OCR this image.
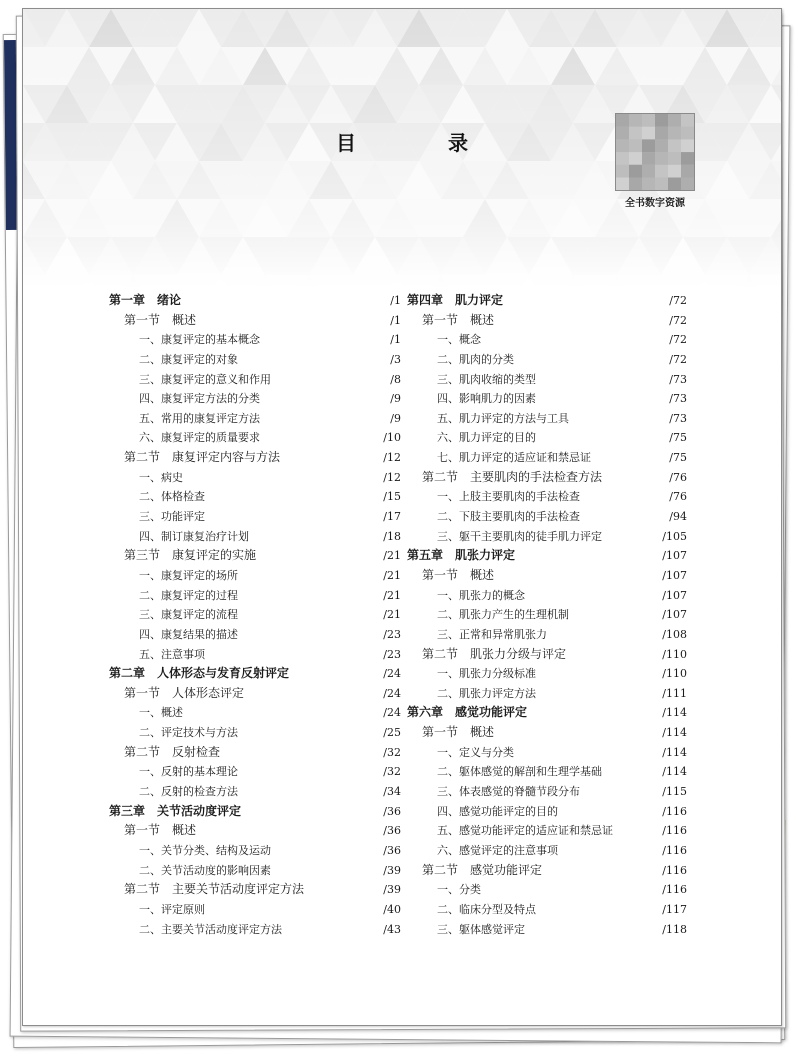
目　录
全书数字资源
第一章　绪论	/1
第一节　概述	/1
一、康复评定的基本概念	/1
二、康复评定的对象	/3
三、康复评定的意义和作用	/8
四、康复评定方法的分类	/9
五、常用的康复评定方法	/9
六、康复评定的质量要求	/10
第二节　康复评定内容与方法	/12
一、病史	/12
二、体格检查	/15
三、功能评定	/17
四、制订康复治疗计划	/18
第三节　康复评定的实施	/21
一、康复评定的场所	/21
二、康复评定的过程	/21
三、康复评定的流程	/21
四、康复结果的描述	/23
五、注意事项	/23
第二章　人体形态与发育反射评定	/24
第一节　人体形态评定	/24
一、概述	/24
二、评定技术与方法	/25
第二节　反射检查	/32
一、反射的基本理论	/32
二、反射的检查方法	/34
第三章　关节活动度评定	/36
第一节　概述	/36
一、关节分类、结构及运动	/36
二、关节活动度的影响因素	/39
第二节　主要关节活动度评定方法	/39
一、评定原则	/40
二、主要关节活动度评定方法	/43
第四章　肌力评定	/72
第一节　概述	/72
一、概念	/72
二、肌肉的分类	/72
三、肌肉收缩的类型	/73
四、影响肌力的因素	/73
五、肌力评定的方法与工具	/73
六、肌力评定的目的	/75
七、肌力评定的适应证和禁忌证	/75
第二节　主要肌肉的手法检查方法	/76
一、上肢主要肌肉的手法检查	/76
二、下肢主要肌肉的手法检查	/94
三、躯干主要肌肉的徒手肌力评定	/105
第五章　肌张力评定	/107
第一节　概述	/107
一、肌张力的概念	/107
二、肌张力产生的生理机制	/107
三、正常和异常肌张力	/108
第二节　肌张力分级与评定	/110
一、肌张力分级标准	/110
二、肌张力评定方法	/111
第六章　感觉功能评定	/114
第一节　概述	/114
一、定义与分类	/114
二、躯体感觉的解剖和生理学基础	/114
三、体表感觉的脊髓节段分布	/115
四、感觉功能评定的目的	/116
五、感觉功能评定的适应证和禁忌证	/116
六、感觉评定的注意事项	/116
第二节　感觉功能评定	/116
一、分类	/116
二、临床分型及特点	/117
三、躯体感觉评定	/118
